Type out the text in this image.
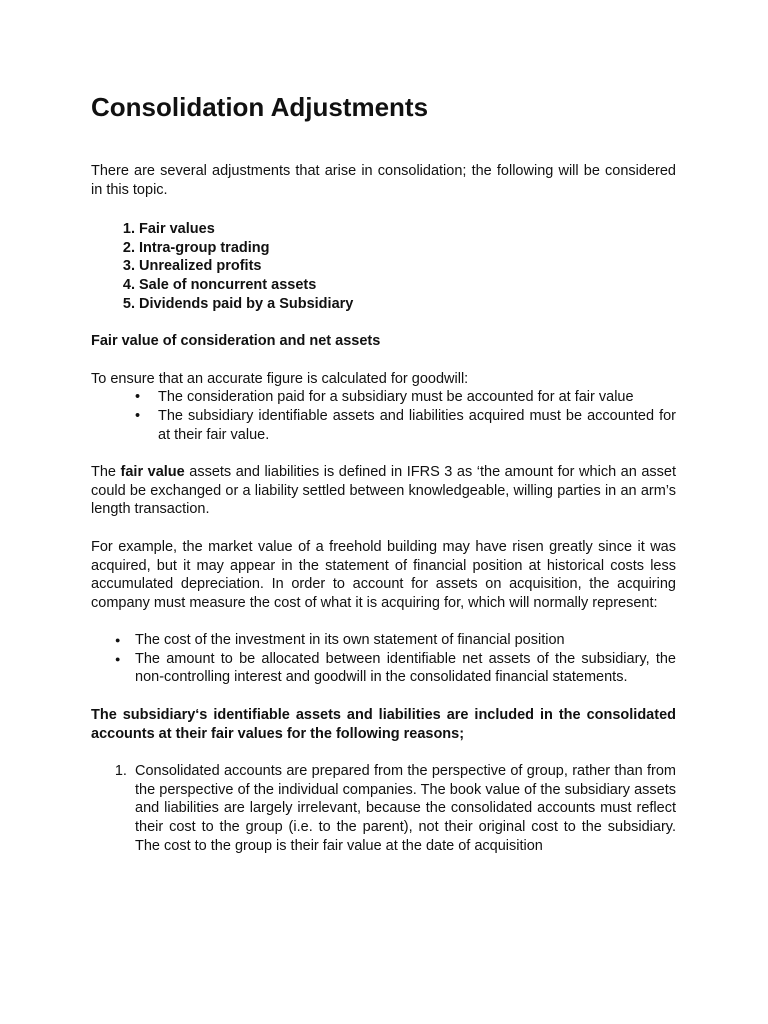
Consolidation Adjustments

There are several adjustments that arise in consolidation; the following will be considered in this topic.

1. Fair values
2. Intra-group trading
3. Unrealized profits
4. Sale of noncurrent assets
5. Dividends paid by a Subsidiary

Fair value of consideration and net assets

To ensure that an accurate figure is calculated for goodwill:

• The consideration paid for a subsidiary must be accounted for at fair value
• The subsidiary identifiable assets and liabilities acquired must be accounted for at their fair value.

The fair value assets and liabilities is defined in IFRS 3 as ‘the amount for which an asset could be exchanged or a liability settled between knowledgeable, willing parties in an arm’s length transaction.

For example, the market value of a freehold building may have risen greatly since it was acquired, but it may appear in the statement of financial position at historical costs less accumulated depreciation. In order to account for assets on acquisition, the acquiring company must measure the cost of what it is acquiring for, which will normally represent:

● The cost of the investment in its own statement of financial position
● The amount to be allocated between identifiable net assets of the subsidiary, the non-controlling interest and goodwill in the consolidated financial statements.

The subsidiary‘s identifiable assets and liabilities are included in the consolidated accounts at their fair values for the following reasons;

1. Consolidated accounts are prepared from the perspective of group, rather than from the perspective of the individual companies. The book value of the subsidiary assets and liabilities are largely irrelevant, because the consolidated accounts must reflect their cost to the group (i.e. to the parent), not their original cost to the subsidiary. The cost to the group is their fair value at the date of acquisition
